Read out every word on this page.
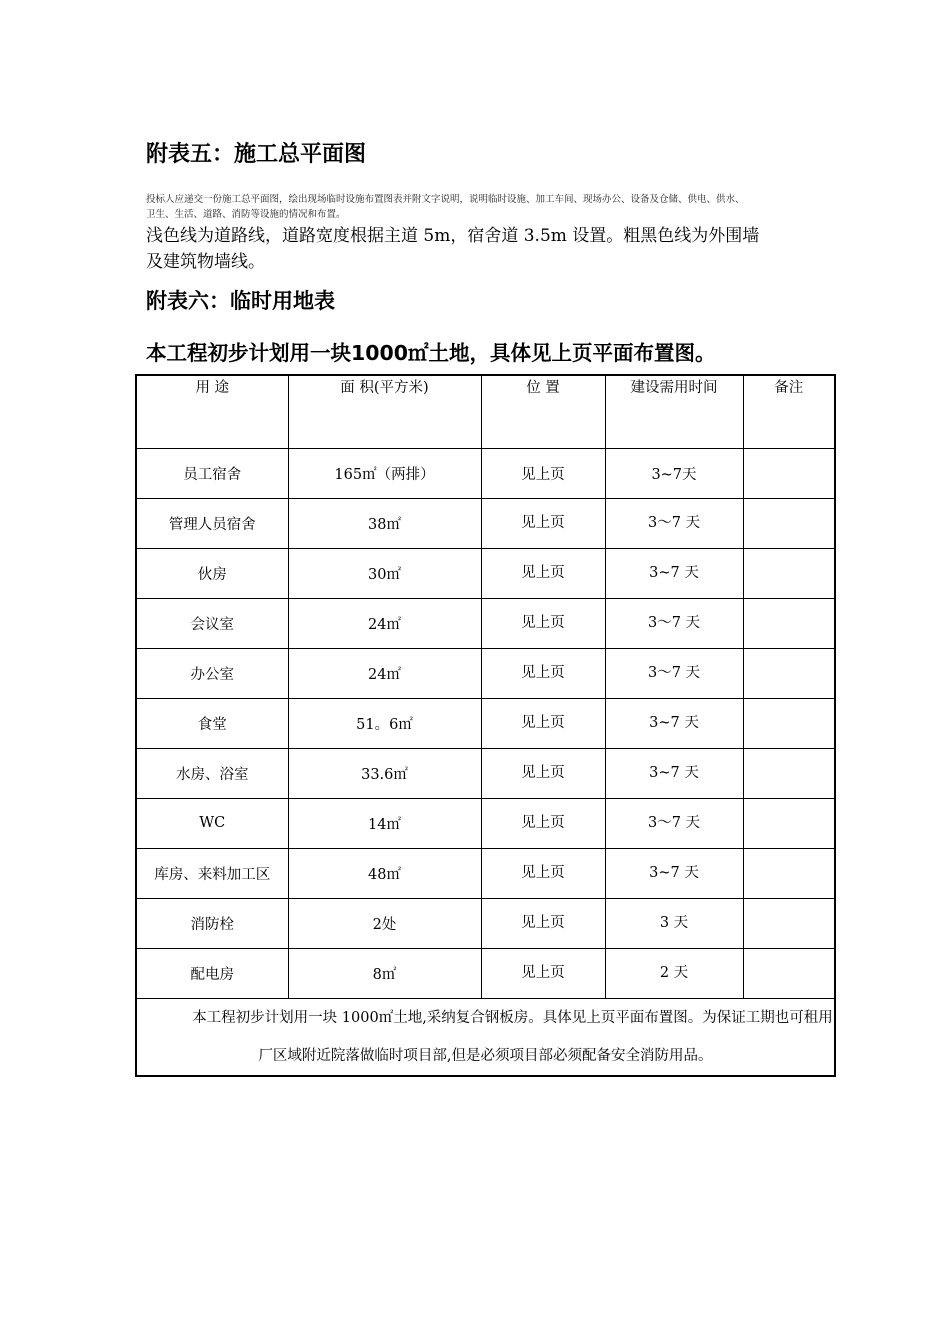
附表五：施工总平面图
投标人应递交一份施工总平面图，绘出现场临时设施布置图表并附文字说明，说明临时设施、加工车间、现场办公、设备及仓储、供电、供水、
卫生、生活、道路、消防等设施的情况和布置。
浅色线为道路线，道路宽度根据主道 5m，宿舍道 3.5m 设置。粗黑色线为外围墙
及建筑物墙线。
附表六：临时用地表
本工程初步计划用一块1000㎡土地，具体见上页平面布置图。
用 途	面 积(平方米)	位 置	建设需用时间	备注
员工宿舍	165㎡（两排）	见上页	3~7天	
管理人员宿舍	38㎡	见上页	3～7 天	
伙房	30㎡	见上页	3~7 天	
会议室	24㎡	见上页	3～7 天	
办公室	24㎡	见上页	3～7 天	
食堂	51。6㎡	见上页	3~7 天	
水房、浴室	33.6㎡	见上页	3~7 天	
WC	14㎡	见上页	3～7 天	
库房、来料加工区	48㎡	见上页	3~7 天	
消防栓	2处	见上页	3 天	
配电房	8㎡	见上页	2 天	
本工程初步计划用一块 1000㎡土地,采纳复合钢板房。具体见上页平面布置图。为保证工期也可租用厂区域附近院落做临时项目部,但是必须项目部必须配备安全消防用品。				
